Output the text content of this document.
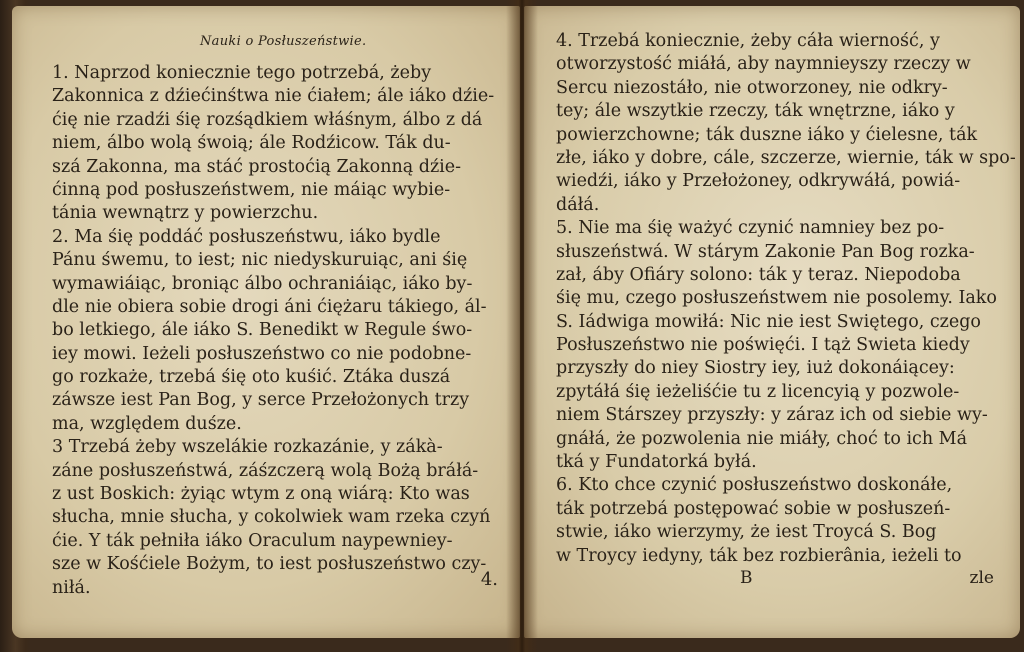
Nauki o Posłuszeństwie.
1. Naprzod koniecznie tego potrzebá, żeby
Zakonnica z dźiećinśtwa nie ćiałem; ále iáko dźie-
ćię nie rzadźi śię rozśądkiem włáśnym, álbo z dá
niem, álbo wolą śwoią; ále Rodźicow. Ták du-
szá Zakonna, ma stáć prostoćią Zakonną dźie-
ćinną pod posłuszeństwem, nie máiąc wybie-
tánia wewnątrz y powierzchu.
2. Ma śię poddáć posłuszeństwu, iáko bydle
Pánu śwemu, to iest; nic niedyskuruiąc, ani śię
wymawiáiąc, broniąc álbo ochraniáiąc, iáko by-
dle nie obiera sobie drogi áni ćiężaru tákiego, ál-
bo letkiego, ále iáko S. Benedikt w Regule śwo-
iey mowi. Ieżeli posłuszeństwo co nie podobne-
go rozkaże, trzebá śię oto kuśić. Ztáka duszá
záwsze iest Pan Bog, y serce Przełożonych trzy
ma, względem duśze.
3 Trzebá żeby wszelákie rozkazánie, y zákà-
záne posłuszeństwá, záśzczerą wolą Bożą bráłá-
z ust Boskich: żyiąc wtym z oną wiárą: Kto was
słucha, mnie słucha, y cokolwiek wam rzeka czyń
ćie. Y ták pełniła iáko Oraculum naypewniey-
sze w Kośćiele Bożym, to iest posłuszeństwo czy-
niłá.	4.
4. Trzebá koniecznie, żeby cáła wierność, y
otworzystość miáłá, aby naymnieyszy rzeczy w
Sercu niezostáło, nie otworzoney, nie odkry-
tey; ále wszytkie rzeczy, ták wnętrzne, iáko y
powierzchowne; ták duszne iáko y ćielesne, ták
złe, iáko y dobre, cále, szczerze, wiernie, ták w spo-
wiedźi, iáko y Przełożoney, odkrywáłá, powiá-
dáłá.
5. Nie ma śię ważyć czynić namniey bez po-
słuszeństwá. W stárym Zakonie Pan Bog rozka-
zał, áby Ofiáry solono: ták y teraz. Niepodoba
śię mu, czego posłuszeństwem nie posolemy. Iako
S. Iádwiga mowiłá: Nic nie iest Swiętego, czego
Posłuszeństwo nie poświęći. I tąż Swieta kiedy
przyszły do niey Siostry iey, iuż dokonáiącey:
zpytáłá śię ieżeliśćie tu z licencyią y pozwole-
niem Stárszey przyszły: y záraz ich od siebie wy-
gnáłá, że pozwolenia nie miáły, choć to ich Má
tká y Fundatorká byłá.
6. Kto chce czynić posłuszeństwo doskonáłe,
ták potrzebá postępować sobie w posłuszeń-
stwie, iáko wierzymy, że iest Troycá S. Bog
w Troycy iedyny, ták bez rozbierânia, ieżeli to
B	zle
